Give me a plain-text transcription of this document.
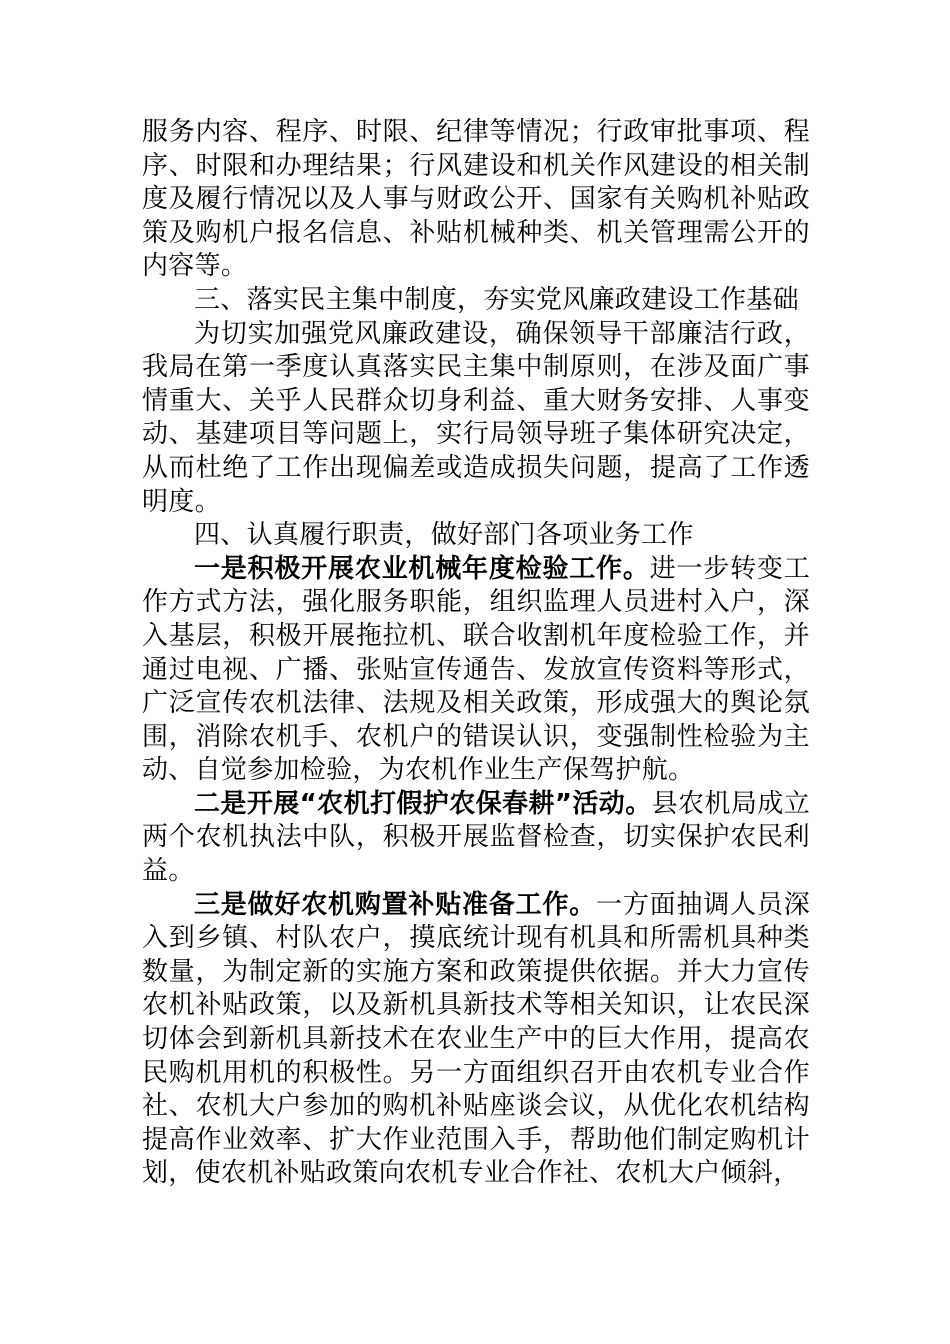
服务内容、程序、时限、纪律等情况；行政审批事项、程序、时限和办理结果；行风建设和机关作风建设的相关制度及履行情况以及人事与财政公开、国家有关购机补贴政策及购机户报名信息、补贴机械种类、机关管理需公开的内容等。

三、落实民主集中制度，夯实党风廉政建设工作基础

为切实加强党风廉政建设，确保领导干部廉洁行政，我局在第一季度认真落实民主集中制原则，在涉及面广事情重大、关乎人民群众切身利益、重大财务安排、人事变动、基建项目等问题上，实行局领导班子集体研究决定，从而杜绝了工作出现偏差或造成损失问题，提高了工作透明度。

四、认真履行职责，做好部门各项业务工作

一是积极开展农业机械年度检验工作。进一步转变工作方式方法，强化服务职能，组织监理人员进村入户，深入基层，积极开展拖拉机、联合收割机年度检验工作，并通过电视、广播、张贴宣传通告、发放宣传资料等形式，广泛宣传农机法律、法规及相关政策，形成强大的舆论氛围，消除农机手、农机户的错误认识，变强制性检验为主动、自觉参加检验，为农机作业生产保驾护航。

二是开展“农机打假护农保春耕”活动。县农机局成立两个农机执法中队，积极开展监督检查，切实保护农民利益。

三是做好农机购置补贴准备工作。一方面抽调人员深入到乡镇、村队农户，摸底统计现有机具和所需机具种类数量，为制定新的实施方案和政策提供依据。并大力宣传农机补贴政策，以及新机具新技术等相关知识，让农民深切体会到新机具新技术在农业生产中的巨大作用，提高农民购机用机的积极性。另一方面组织召开由农机专业合作社、农机大户参加的购机补贴座谈会议，从优化农机结构提高作业效率、扩大作业范围入手，帮助他们制定购机计划，使农机补贴政策向农机专业合作社、农机大户倾斜，
